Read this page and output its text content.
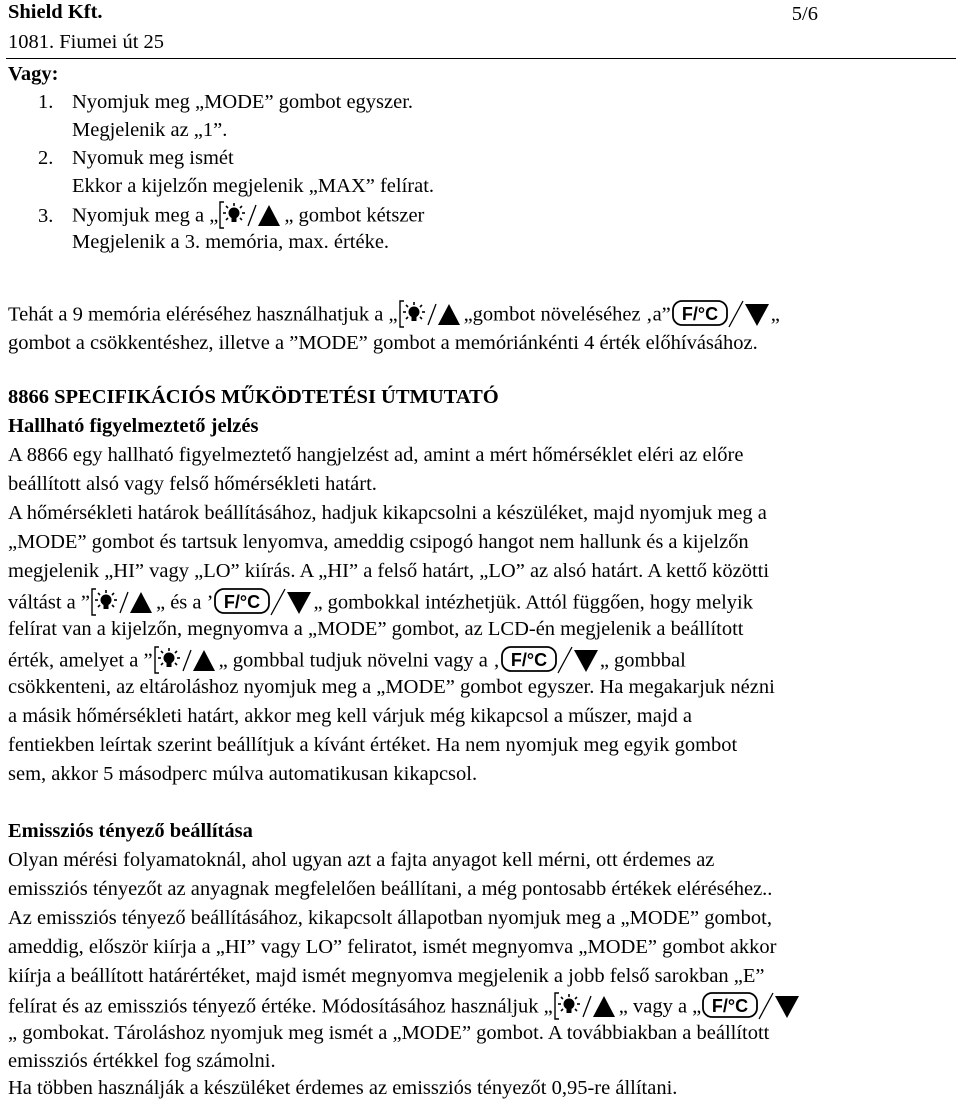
Shield Kft.
1081. Fiumei út 25
5/6
Vagy:
1. Nyomjuk meg „MODE” gombot egyszer.
Megjelenik az „1”.
2. Nyomuk meg ismét
Ekkor a kijelzőn megjelenik „MAX” felírat.
3. Nyomjuk meg a „	„ gombot kétszer
Megjelenik a 3. memória, max. értéke.
Tehát a 9 memória eléréséhez használhatjuk a „	„gombot növeléséhez ‚a” F/°C	„
gombot a csökkentéshez, illetve a ”MODE” gombot a memóriánkénti 4 érték előhívásához.
8866 SPECIFIKÁCIÓS MŰKÖDTETÉSI ÚTMUTATÓ
Hallható figyelmeztető jelzés
A 8866 egy hallható figyelmeztető hangjelzést ad, amint a mért hőmérséklet eléri az előre
beállított alsó vagy felső hőmérsékleti határt.
A hőmérsékleti határok beállításához, hadjuk kikapcsolni a készüléket, majd nyomjuk meg a
„MODE” gombot és tartsuk lenyomva, ameddig csipogó hangot nem hallunk és a kijelzőn
megjelenik „HI” vagy „LO” kiírás. A „HI” a felső határt, „LO” az alsó határt. A kettő közötti
váltást a ”	„ és a ’ F/°C	„ gombokkal intézhetjük. Attól függően, hogy melyik
felírat van a kijelzőn, megnyomva a „MODE” gombot, az LCD-én megjelenik a beállított
érték, amelyet a ”	„ gombbal tudjuk növelni vagy a ‚ F/°C	„ gombbal
csökkenteni, az eltároláshoz nyomjuk meg a „MODE” gombot egyszer. Ha megakarjuk nézni
a másik hőmérsékleti határt, akkor meg kell várjuk még kikapcsol a műszer, majd a
fentiekben leírtak szerint beállítjuk a kívánt értéket. Ha nem nyomjuk meg egyik gombot
sem, akkor 5 másodperc múlva automatikusan kikapcsol.
Emissziós tényező beállítása
Olyan mérési folyamatoknál, ahol ugyan azt a fajta anyagot kell mérni, ott érdemes az
emissziós tényezőt az anyagnak megfelelően beállítani, a még pontosabb értékek eléréséhez..
Az emissziós tényező beállításához, kikapcsolt állapotban nyomjuk meg a „MODE” gombot,
ameddig, először kiírja a „HI” vagy LO” feliratot, ismét megnyomva „MODE” gombot akkor
kiírja a beállított határértéket, majd ismét megnyomva megjelenik a jobb felső sarokban „E”
felírat és az emissziós tényező értéke. Módosításához használjuk „	„ vagy a „ F/°C
„ gombokat. Tároláshoz nyomjuk meg ismét a „MODE” gombot. A továbbiakban a beállított
emissziós értékkel fog számolni.
Ha többen használják a készüléket érdemes az emissziós tényezőt 0,95-re állítani.
